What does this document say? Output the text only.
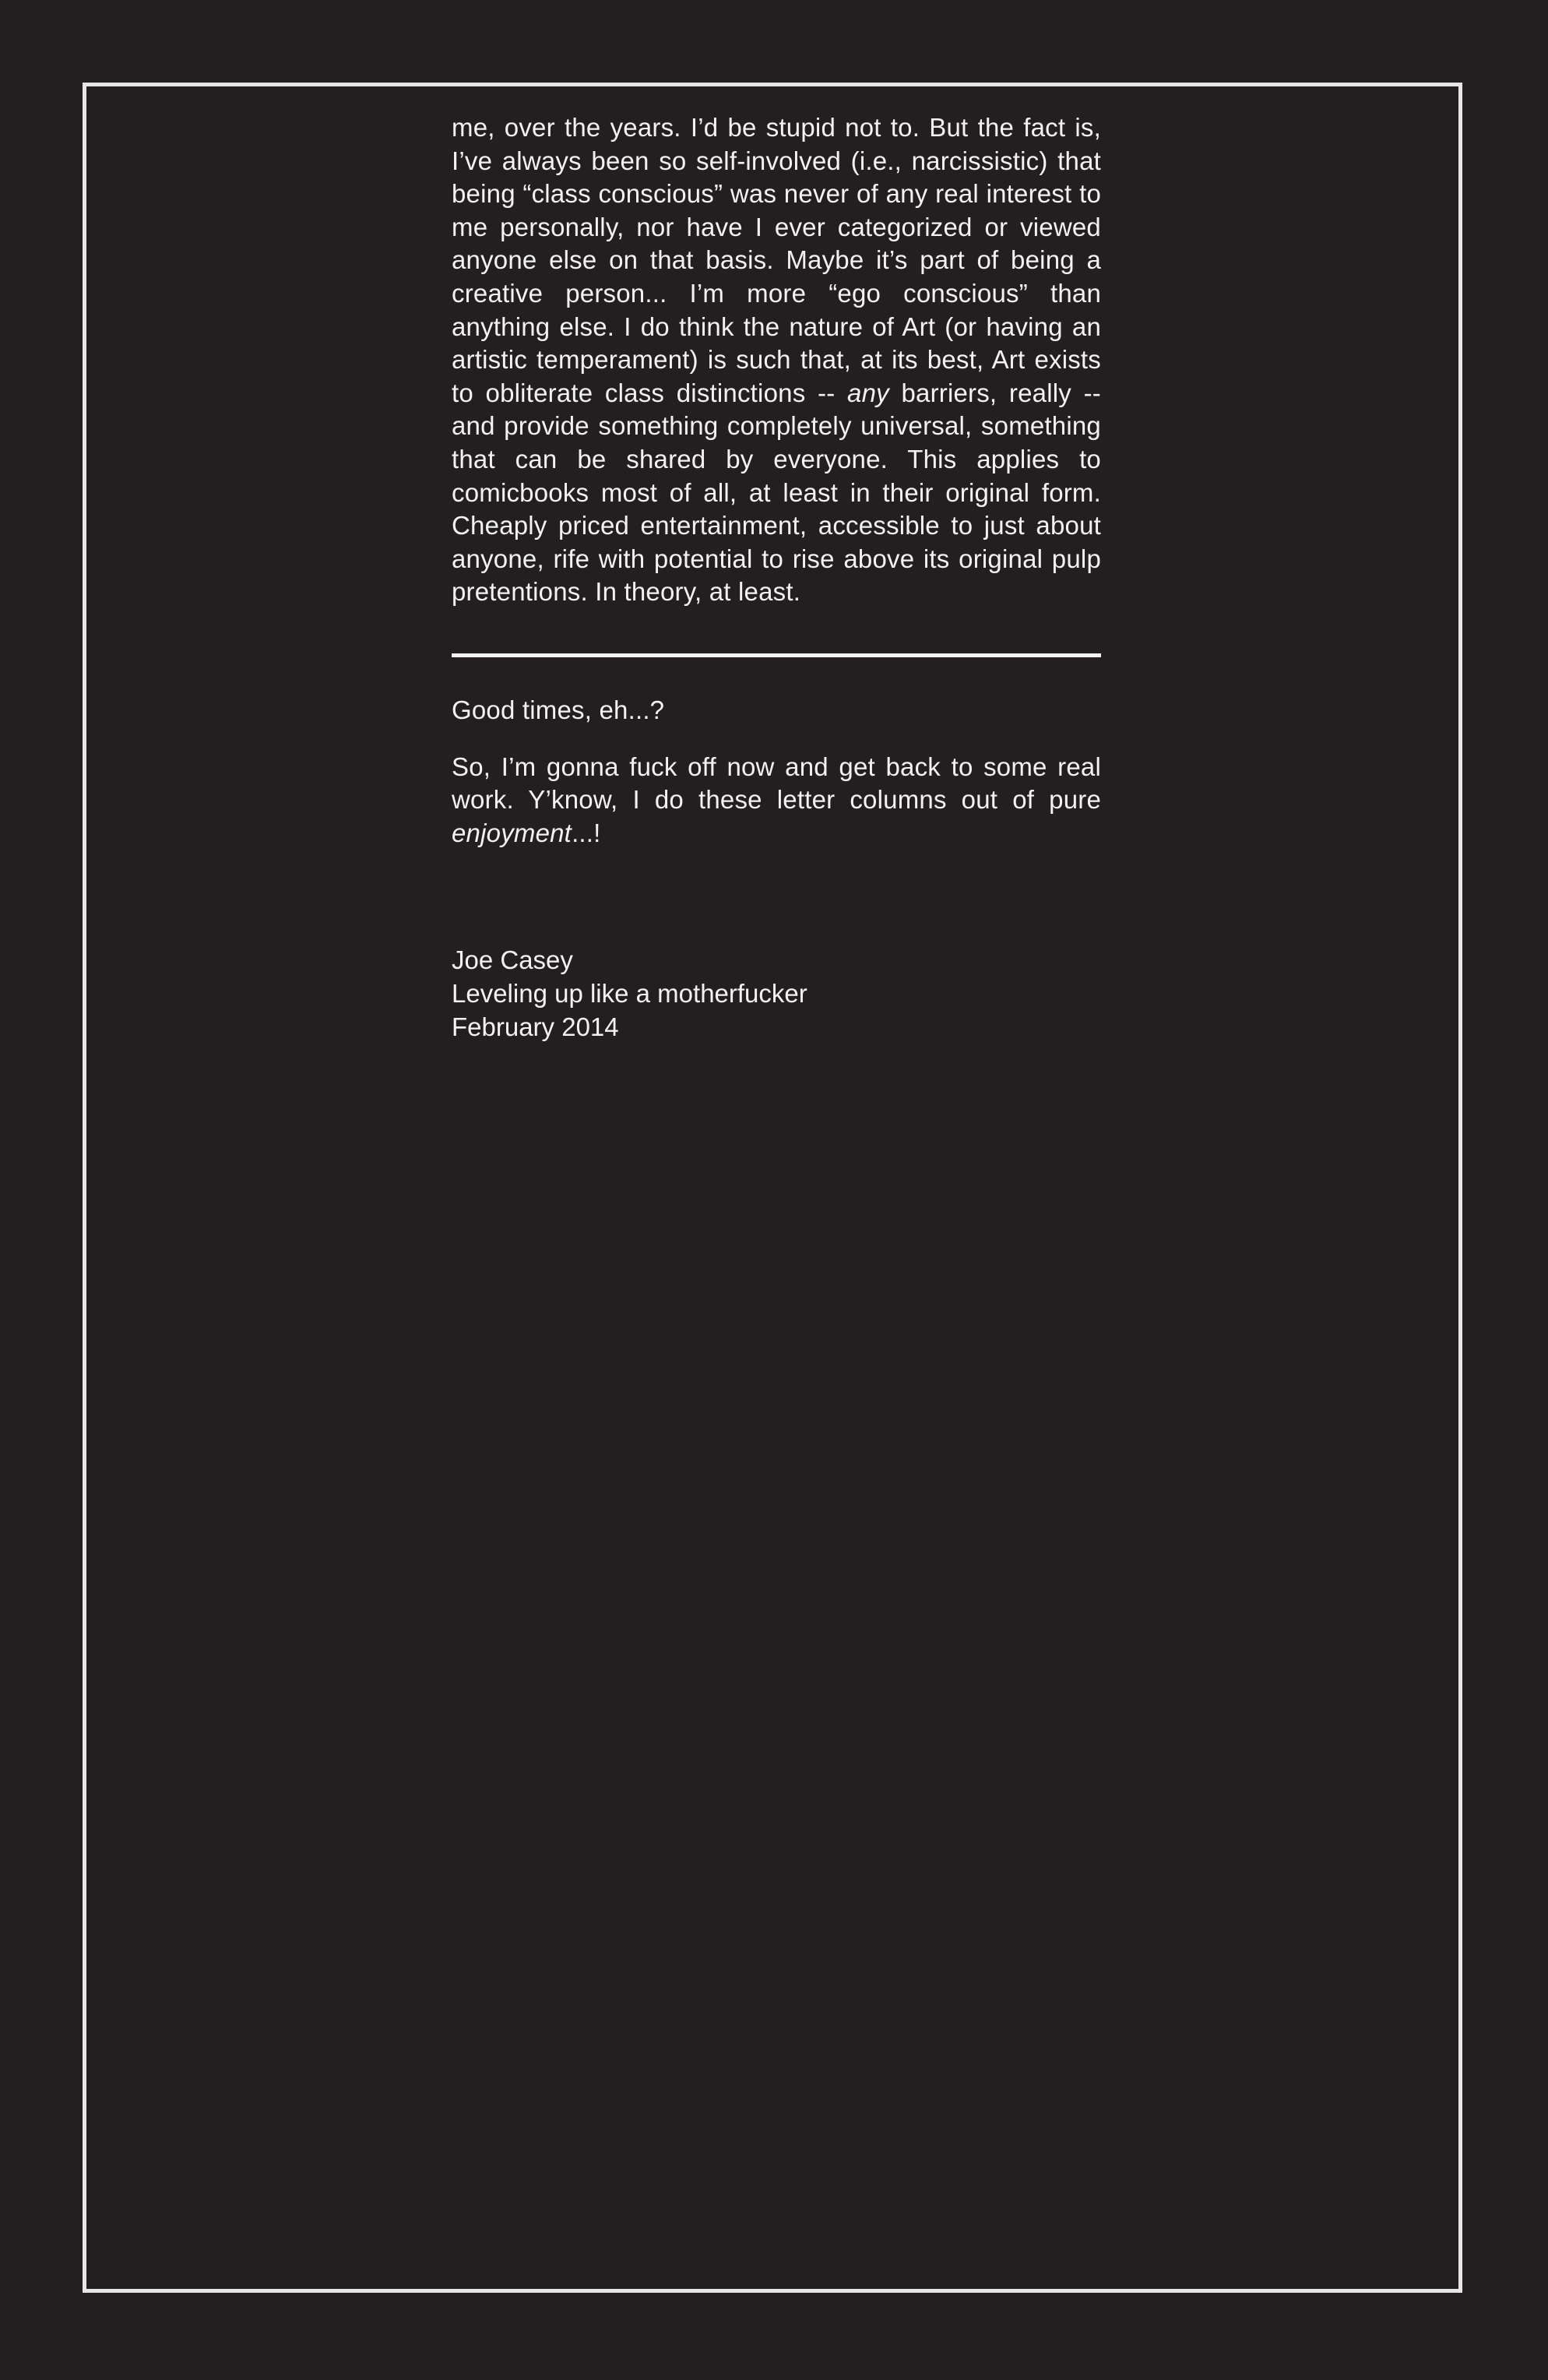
me, over the years. I’d be stupid not to. But the fact is, I’ve always been so self-involved (i.e., narcissistic) that being “class conscious” was never of any real interest to me personally, nor have I ever categorized or viewed anyone else on that basis. Maybe it’s part of being a creative person... I’m more “ego conscious” than anything else. I do think the nature of Art (or having an artistic temperament) is such that, at its best, Art exists to obliterate class distinctions -- any barriers, really -- and provide something completely universal, something that can be shared by everyone. This applies to comicbooks most of all, at least in their original form. Cheaply priced entertainment, accessible to just about anyone, rife with potential to rise above its original pulp pretentions. In theory, at least.

Good times, eh...?

So, I’m gonna fuck off now and get back to some real work. Y’know, I do these letter columns out of pure enjoyment...!

Joe Casey
Leveling up like a motherfucker
February 2014
